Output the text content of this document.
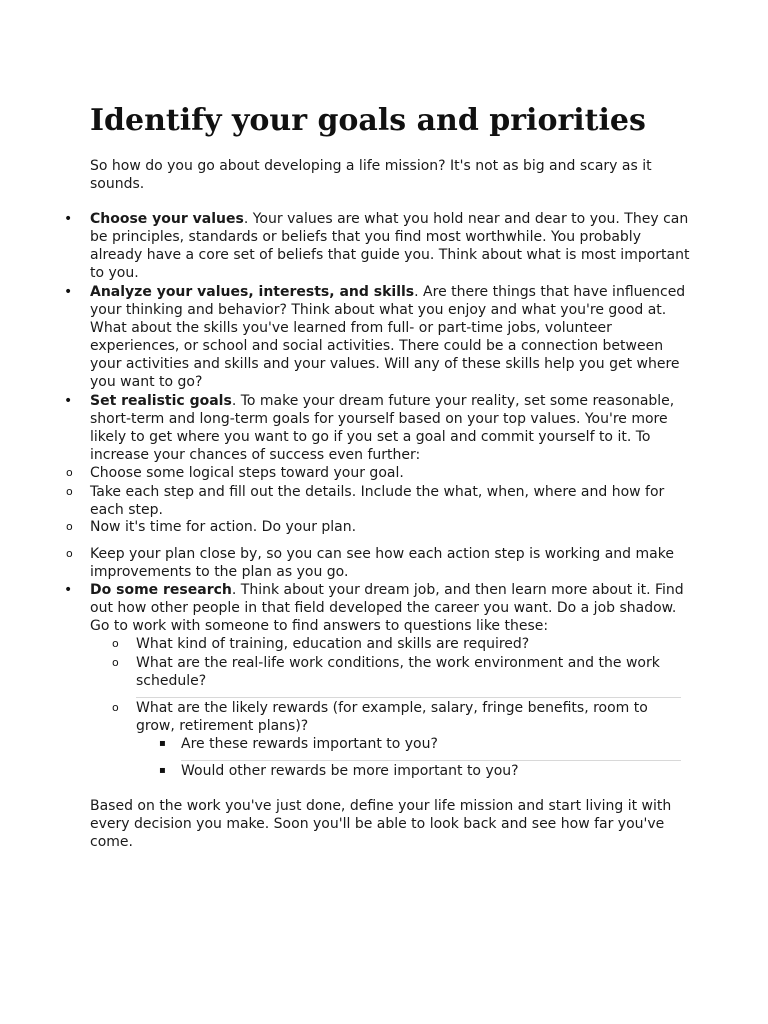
Identify your goals and priorities

So how do you go about developing a life mission? It's not as big and scary as it sounds.

• Choose your values. Your values are what you hold near and dear to you. They can be principles, standards or beliefs that you find most worthwhile. You probably already have a core set of beliefs that guide you. Think about what is most important to you.
• Analyze your values, interests, and skills. Are there things that have influenced your thinking and behavior? Think about what you enjoy and what you're good at. What about the skills you've learned from full- or part-time jobs, volunteer experiences, or school and social activities. There could be a connection between your activities and skills and your values. Will any of these skills help you get where you want to go?
• Set realistic goals. To make your dream future your reality, set some reasonable, short-term and long-term goals for yourself based on your top values. You're more likely to get where you want to go if you set a goal and commit yourself to it. To increase your chances of success even further:
o Choose some logical steps toward your goal.
o Take each step and fill out the details. Include the what, when, where and how for each step.
o Now it's time for action. Do your plan.
o Keep your plan close by, so you can see how each action step is working and make improvements to the plan as you go.
• Do some research. Think about your dream job, and then learn more about it. Find out how other people in that field developed the career you want. Do a job shadow. Go to work with someone to find answers to questions like these:
o What kind of training, education and skills are required?
o What are the real-life work conditions, the work environment and the work schedule?
o What are the likely rewards (for example, salary, fringe benefits, room to grow, retirement plans)?
▪ Are these rewards important to you?
▪ Would other rewards be more important to you?

Based on the work you've just done, define your life mission and start living it with every decision you make. Soon you'll be able to look back and see how far you've come.
